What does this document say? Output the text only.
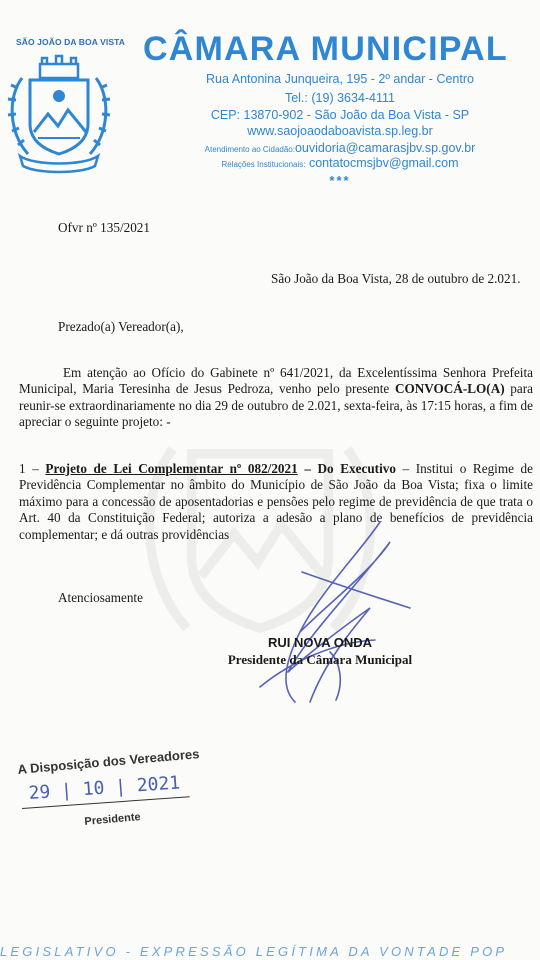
SÃO JOÃO DA BOA VISTA CÂMARA MUNICIPAL
Rua Antonina Junqueira, 195 - 2º andar - Centro
Tel.: (19) 3634-4111
CEP: 13870-902 - São João da Boa Vista - SP
www.saojoaodaboavista.sp.leg.br
Atendimento ao Cidadão:ouvidoria@camarasjbv.sp.gov.br
Relações Institucionais: contatocmsjbv@gmail.com
***
Ofvr nº 135/2021
São João da Boa Vista, 28 de outubro de 2.021.
Prezado(a) Vereador(a),
Em atenção ao Ofício do Gabinete nº 641/2021, da Excelentíssima Senhora Prefeita Municipal, Maria Teresinha de Jesus Pedroza, venho pelo presente CONVOCÁ-LO(A) para reunir-se extraordinariamente no dia 29 de outubro de 2.021, sexta-feira, às 17:15 horas, a fim de apreciar o seguinte projeto: -
1 – Projeto de Lei Complementar nº 082/2021 – Do Executivo – Institui o Regime de Previdência Complementar no âmbito do Município de São João da Boa Vista; fixa o limite máximo para a concessão de aposentadorias e pensões pelo regime de previdência de que trata o Art. 40 da Constituição Federal; autoriza a adesão a plano de benefícios de previdência complementar; e dá outras providências
Atenciosamente
RUI NOVA ONDA
Presidente da Câmara Municipal
A Disposição dos Vereadores
29 | 10 | 2021
Presidente
LEGISLATIVO - EXPRESSÃO LEGÍTIMA DA VONTADE POP
